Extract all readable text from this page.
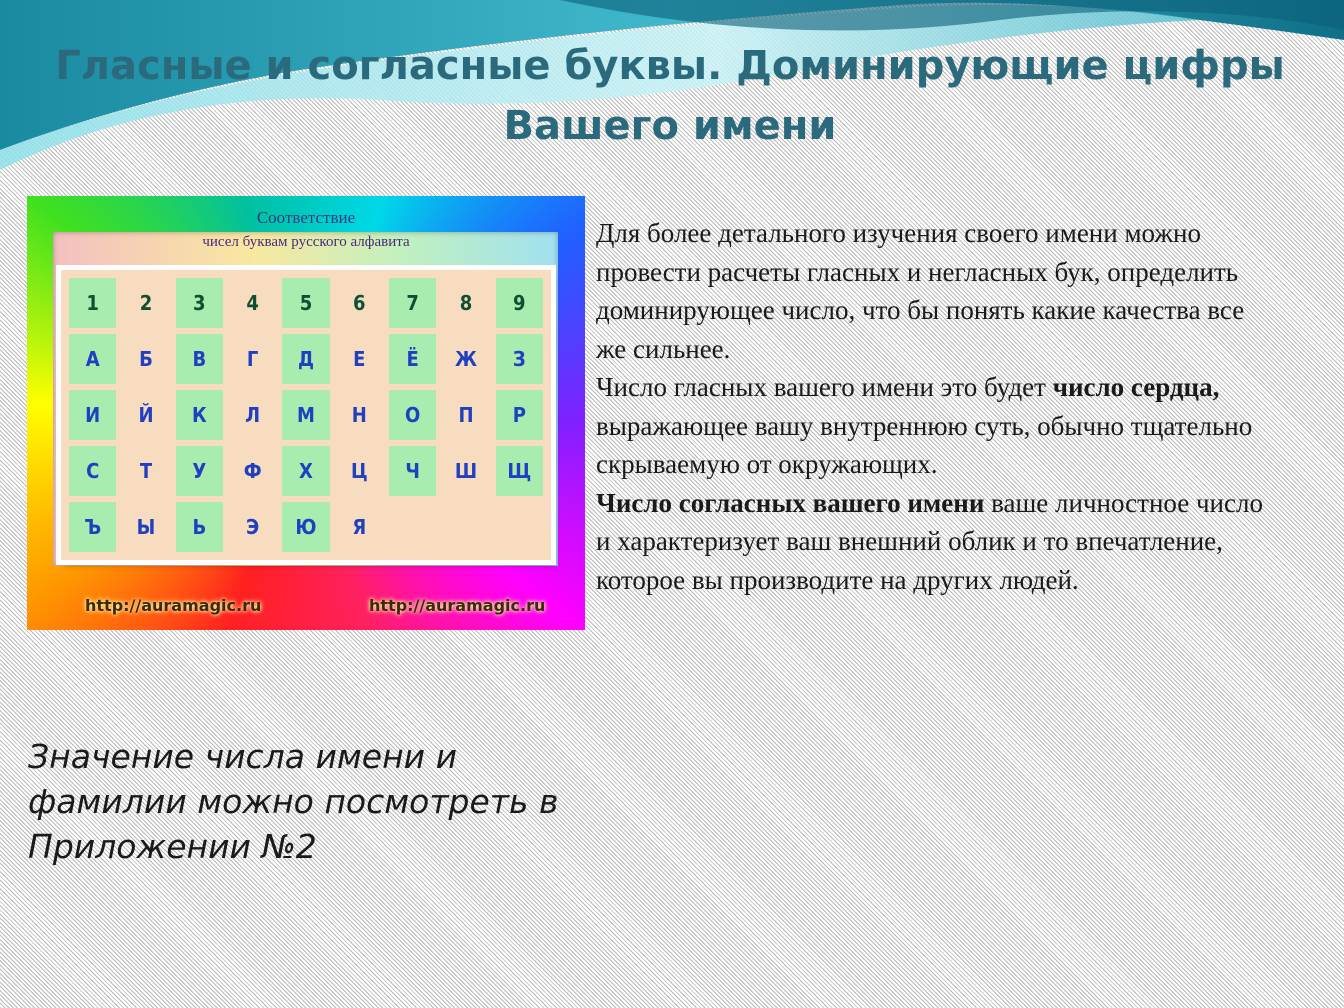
Гласные и согласные буквы. Доминирующие цифры
Вашего имени
Соответствие
чисел буквам русского алфавита
1	2	3	4	5	6	7	8	9
А	Б	В	Г	Д	Е	Ё	Ж	З
И	Й	К	Л	М	Н	О	П	Р
С	Т	У	Ф	Х	Ц	Ч	Ш	Щ
Ъ	Ы	Ь	Э	Ю	Я
http://auramagic.ru	http://auramagic.ru

Для более детального изучения своего имени можно провести расчеты гласных и негласных бук, определить доминирующее число, что бы понять какие качества все же сильнее.

Число гласных вашего имени это будет число сердца, выражающее вашу внутреннюю суть, обычно тщательно скрываемую от окружающих.

Число согласных вашего имени ваше личностное число и характеризует ваш внешний облик и то впечатление, которое вы производите на других людей.

Значение числа имени и
фамилии можно посмотреть в
Приложении №2
